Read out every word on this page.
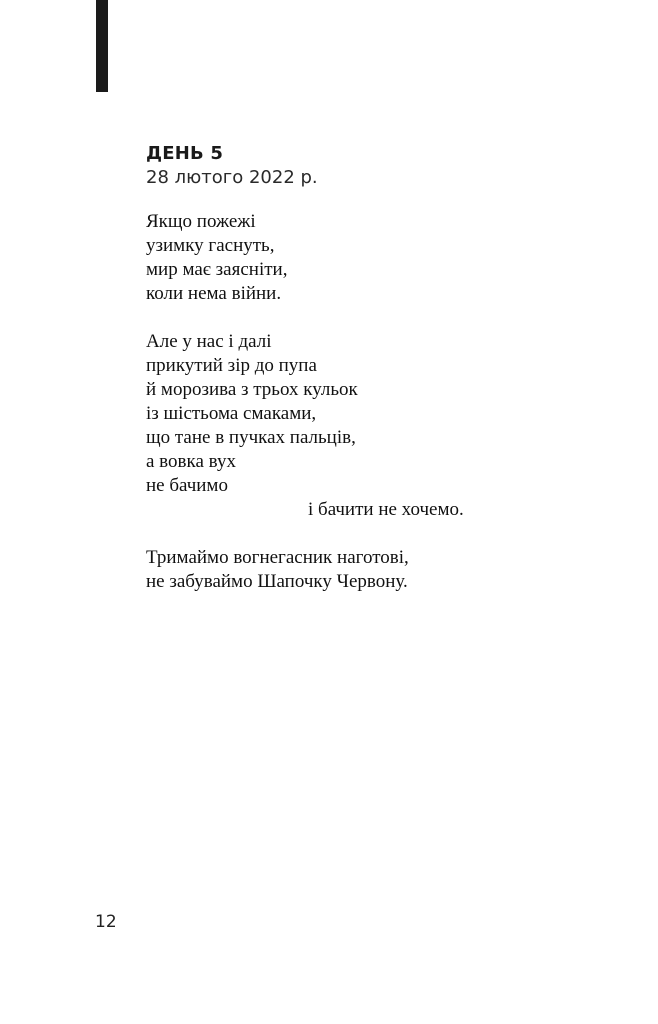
ДЕНЬ 5
28 лютого 2022 р.
Якщо пожежі
узимку гаснуть,
мир має заясніти,
коли нема війни.
Але у нас і далі
прикутий зір до пупа
й морозива з трьох кульок
із шістьома смаками,
що тане в пучках пальців,
а вовка вух
не бачимо
і бачити не хочемо.
Тримаймо вогнегасник наготові,
не забуваймо Шапочку Червону.
12
